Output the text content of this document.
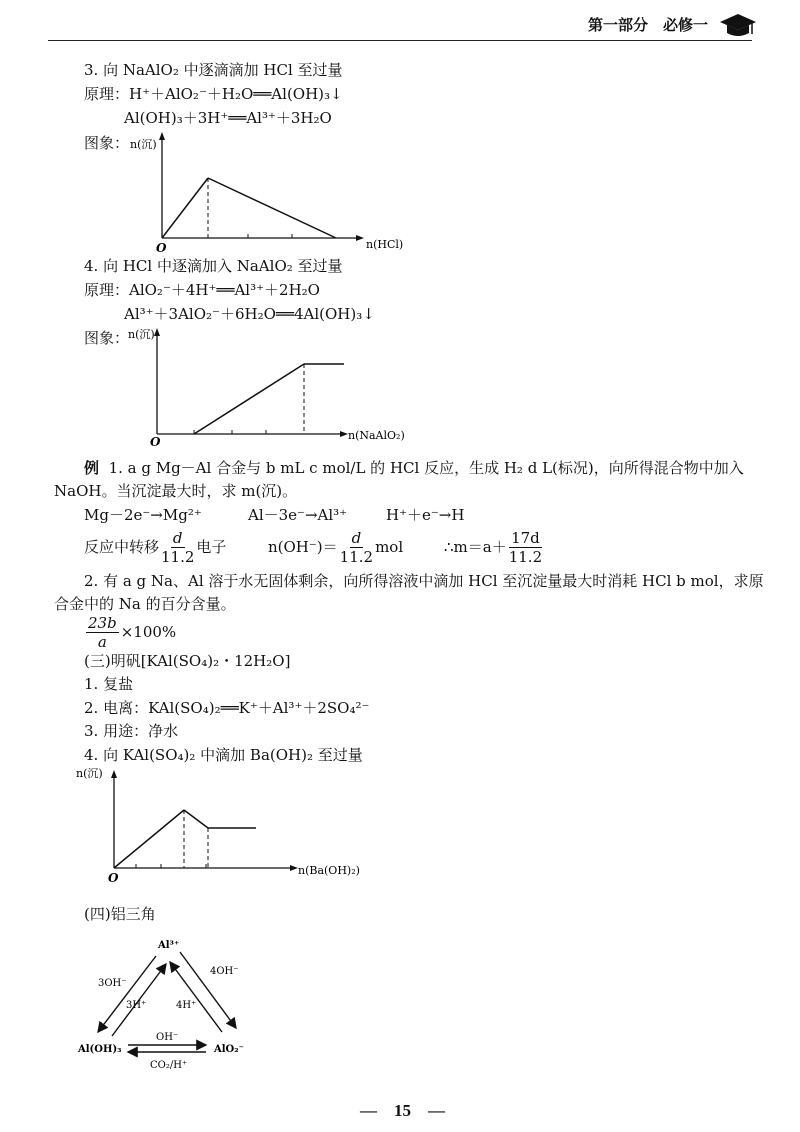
第一部分　必修一
3. 向 NaAlO₂ 中逐滴滴加 HCl 至过量
原理：H⁺＋AlO₂⁻＋H₂O══Al(OH)₃↓
Al(OH)₃＋3H⁺══Al³⁺＋3H₂O
图象： n(沉)
n(HCl)
O
4. 向 HCl 中逐滴加入 NaAlO₂ 至过量
原理：AlO₂⁻＋4H⁺══Al³⁺＋2H₂O
Al³⁺＋3AlO₂⁻＋6H₂O══4Al(OH)₃↓
图象：
n(沉)
n(NaAlO₂)
O
例 1. a g Mg－Al 合金与 b mL c mol/L 的 HCl 反应，生成 H₂ d L(标况)，向所得混合物中加入
NaOH。当沉淀最大时，求 m(沉)。
Mg－2e⁻→Mg²⁺	Al－3e⁻→Al³⁺	H⁺＋e⁻→H
反应中转移 $\frac{d}{11.2}$ 电子	$n(OH^-)= \frac{d}{11.2}$ mol	∴m＝a＋ $\frac{17d}{11.2}$
2. 有 a g Na、Al 溶于水无固体剩余，向所得溶液中滴加 HCl 至沉淀量最大时消耗 HCl b mol，求原
合金中的 Na 的百分含量。
$\frac{23b}{a} \times 100\%$
(三)明矾[KAl(SO₄)₂・12H₂O]
1. 复盐
2. 电离：KAl(SO₄)₂══K⁺＋Al³⁺＋2SO₄²⁻
3. 用途：净水
4. 向 KAl(SO₄)₂ 中滴加 Ba(OH)₂ 至过量
n(沉)
n(Ba(OH)₂)
O
(四)铝三角
Al³⁺
Al(OH)₃	AlO₂⁻
3OH⁻
3H⁺
4OH⁻
4H⁺
OH⁻
CO₂/H⁺
—　15　—
